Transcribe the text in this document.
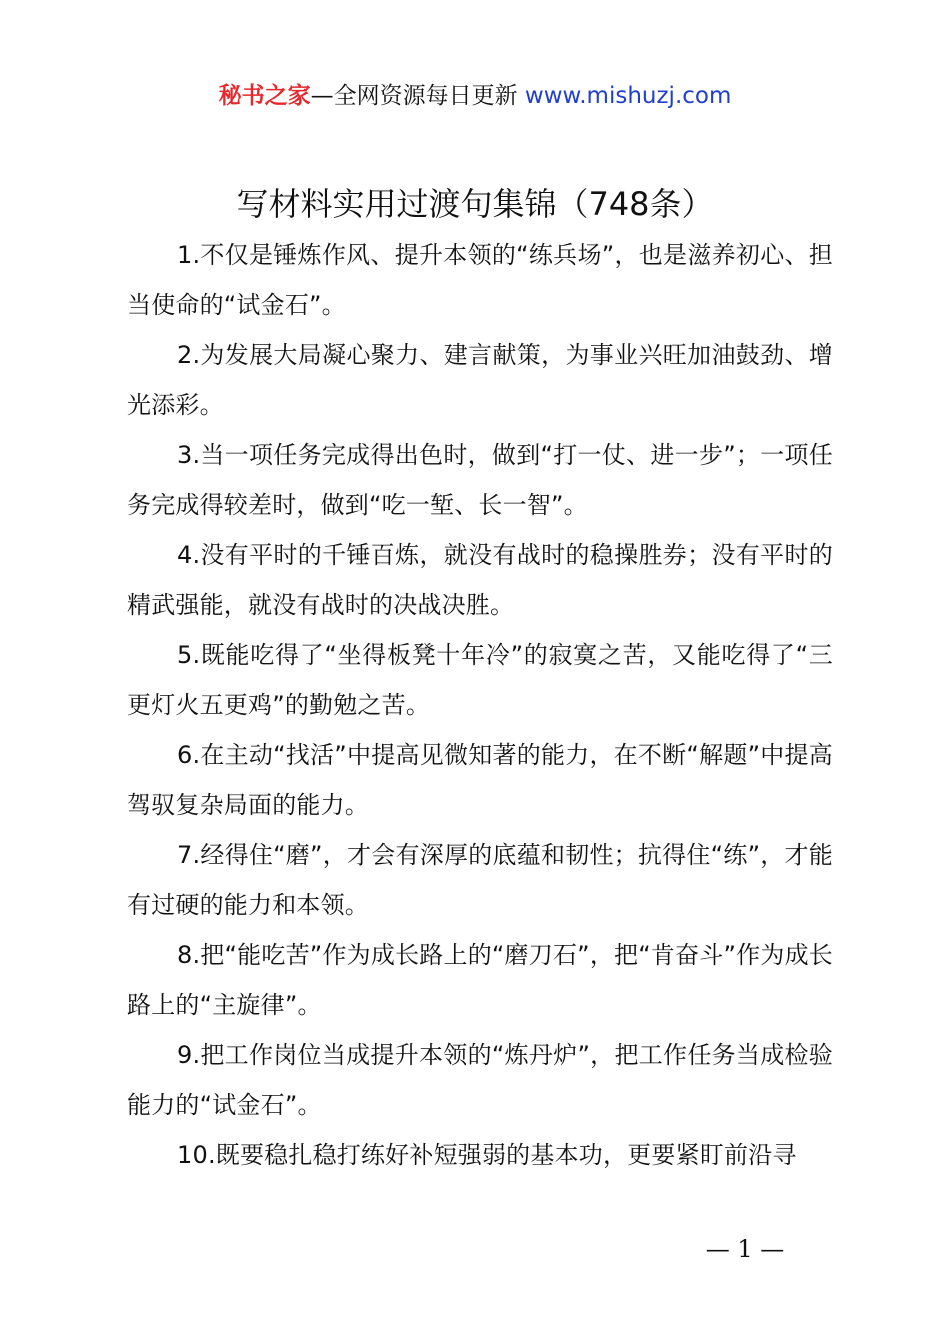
秘书之家—全网资源每日更新 www.mishuzj.com
写材料实用过渡句集锦（748条）

1.不仅是锤炼作风、提升本领的“练兵场”，也是滋养初心、担当使命的“试金石”。

2.为发展大局凝心聚力、建言献策，为事业兴旺加油鼓劲、增光添彩。

3.当一项任务完成得出色时，做到“打一仗、进一步”；一项任务完成得较差时，做到“吃一堑、长一智”。

4.没有平时的千锤百炼，就没有战时的稳操胜券；没有平时的精武强能，就没有战时的决战决胜。

5.既能吃得了“坐得板凳十年冷”的寂寞之苦，又能吃得了“三更灯火五更鸡”的勤勉之苦。

6.在主动“找活”中提高见微知著的能力，在不断“解题”中提高驾驭复杂局面的能力。

7.经得住“磨”，才会有深厚的底蕴和韧性；抗得住“练”，才能有过硬的能力和本领。

8.把“能吃苦”作为成长路上的“磨刀石”，把“肯奋斗”作为成长路上的“主旋律”。

9.把工作岗位当成提升本领的“炼丹炉”，把工作任务当成检验能力的“试金石”。

10.既要稳扎稳打练好补短强弱的基本功，更要紧盯前沿寻

— 1 —
